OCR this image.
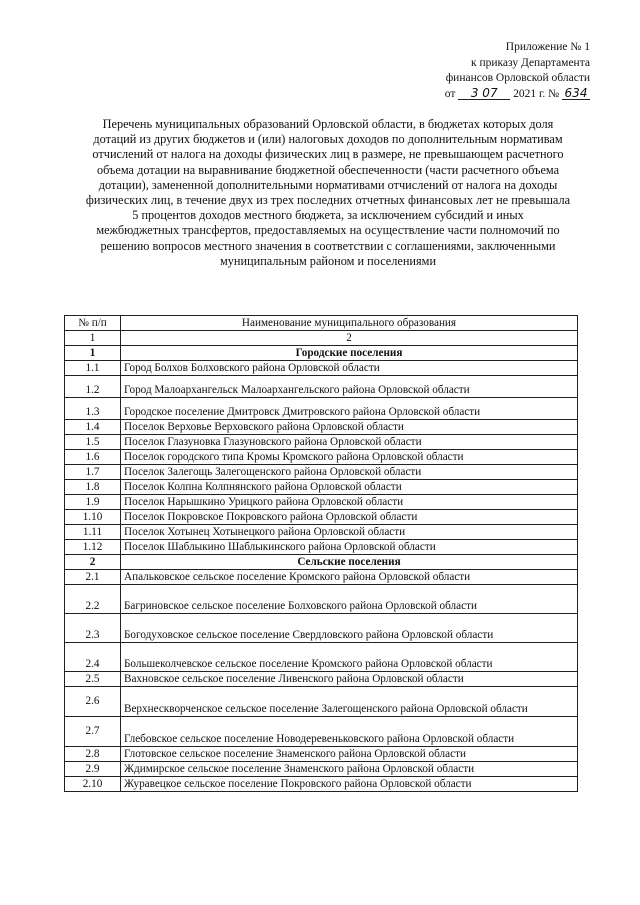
Приложение № 1
к приказу Департамента
финансов Орловской области
от 3 07 2021 г. № 634
Перечень муниципальных образований Орловской области, в бюджетах которых доля
дотаций из других бюджетов и (или) налоговых доходов по дополнительным нормативам
отчислений от налога на доходы физических лиц в размере, не превышающем расчетного
объема дотации на выравнивание бюджетной обеспеченности (части расчетного объема
дотации), замененной дополнительными нормативами отчислений от налога на доходы
физических лиц, в течение двух из трех последних отчетных финансовых лет не превышала
5 процентов доходов местного бюджета, за исключением субсидий и иных
межбюджетных трансфертов, предоставляемых на осуществление части полномочий по
решению вопросов местного значения в соответствии с соглашениями, заключенными
муниципальным районом и поселениями
№ п/п	Наименование муниципального образования
1	2
1	Городские поселения
1.1	Город Болхов Болховского района Орловской области
1.2	Город Малоархангельск Малоархангельского района Орловской области
1.3	Городское поселение Дмитровск Дмитровского района Орловской области
1.4	Поселок Верховье Верховского района Орловской области
1.5	Поселок Глазуновка Глазуновского района Орловской области
1.6	Поселок городского типа Кромы Кромского района Орловской области
1.7	Поселок Залегощь Залегощенского района Орловской области
1.8	Поселок Колпна Колпнянского района Орловской области
1.9	Поселок Нарышкино Урицкого района Орловской области
1.10	Поселок Покровское Покровского района Орловской области
1.11	Поселок Хотынец Хотынецкого района Орловской области
1.12	Поселок Шаблыкино Шаблыкинского района Орловской области
2	Сельские поселения
2.1	Апальковское сельское поселение Кромского района Орловской области
2.2	Багриновское сельское поселение Болховского района Орловской области
2.3	Богодуховское сельское поселение Свердловского района Орловской области
2.4	Большеколчевское сельское поселение Кромского района Орловской области
2.5	Вахновское сельское поселение Ливенского района Орловской области
2.6	Верхнескворченское сельское поселение Залегощенского района Орловской области
2.7	Глебовское сельское поселение Новодеревеньковского района Орловской области
2.8	Глотовское сельское поселение Знаменского района Орловской области
2.9	Ждимирское сельское поселение Знаменского района Орловской области
2.10	Журавецкое сельское поселение Покровского района Орловской области
